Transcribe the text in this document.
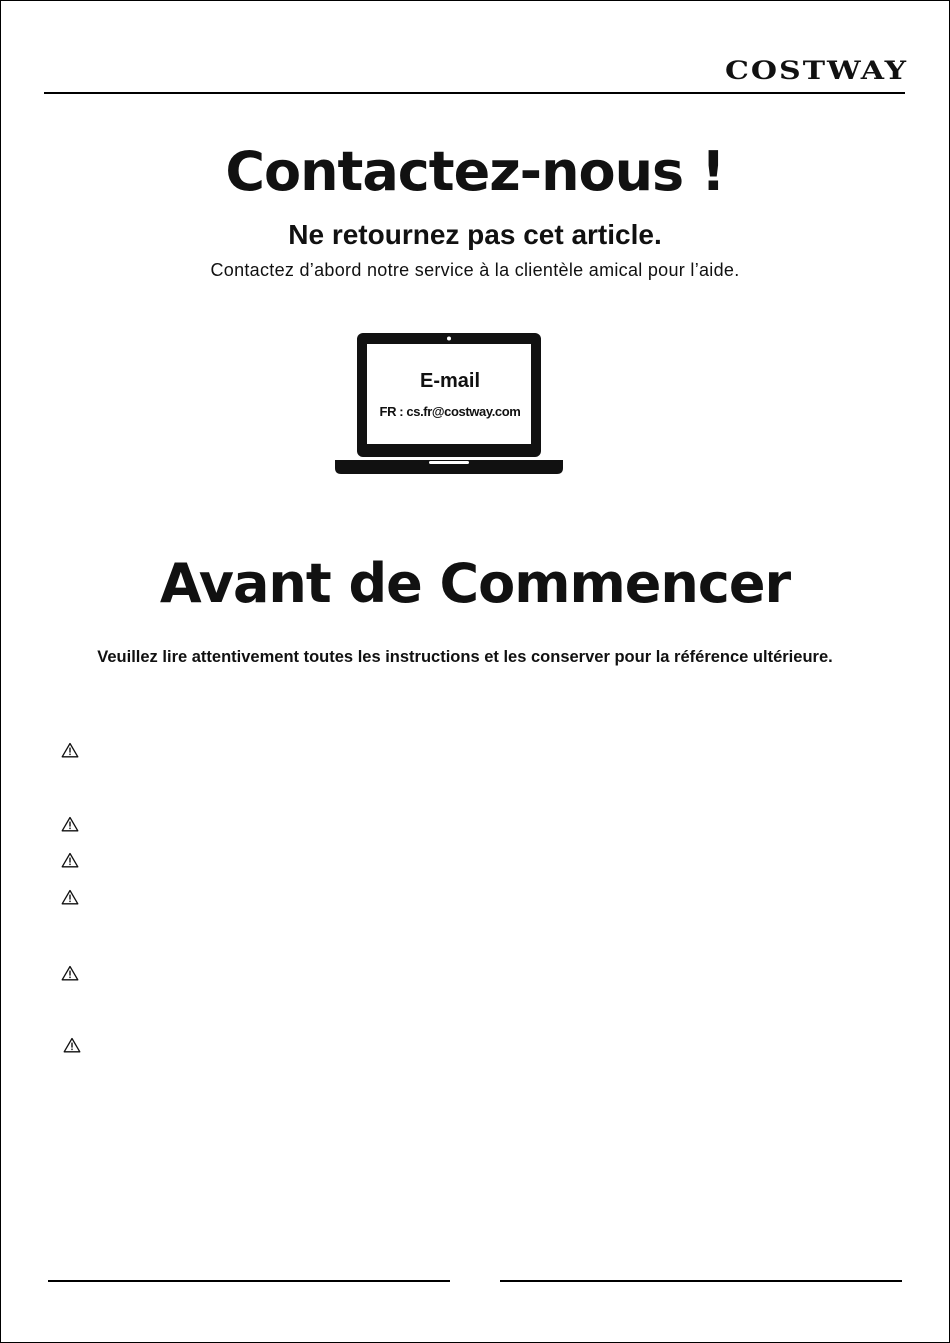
COSTWAY
Contactez-nous !

Ne retournez pas cet article.

Contactez d’abord notre service à la clientèle amical pour l’aide.

E-mail
FR : cs.fr@costway.com
Avant de Commencer

Veuillez lire attentivement toutes les instructions et les conserver pour la référence ultérieure.
